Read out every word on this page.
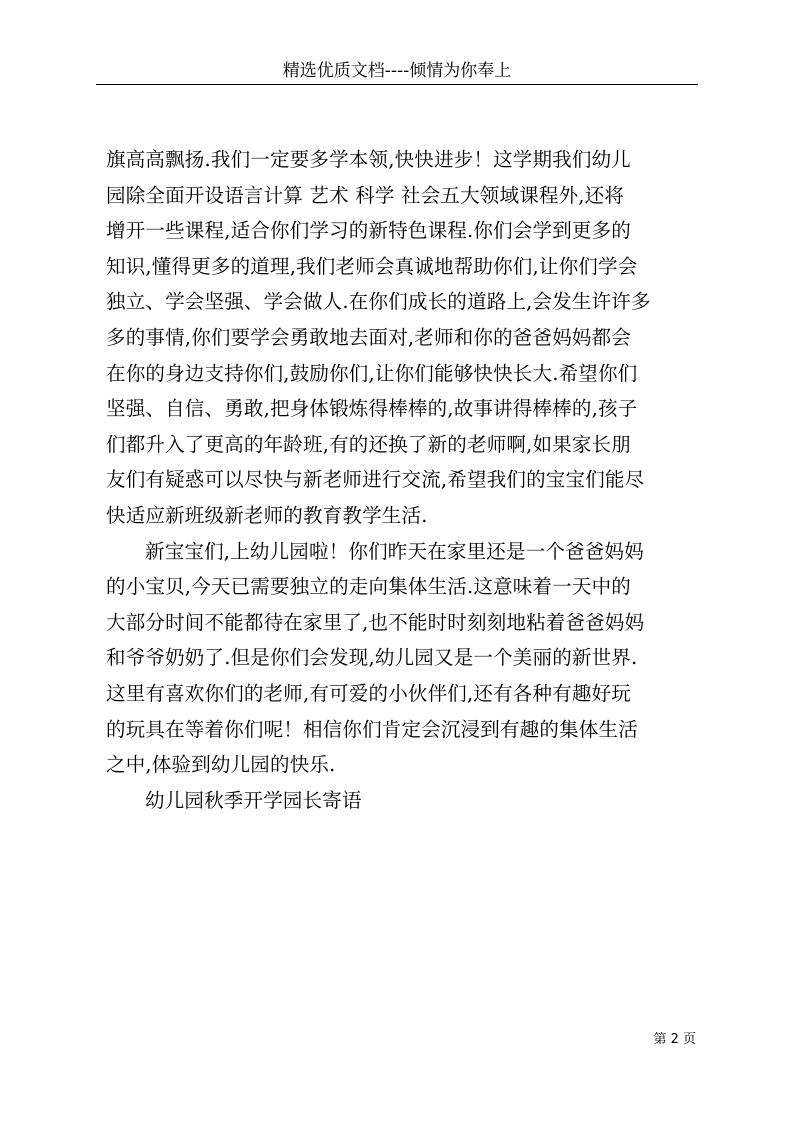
精选优质文档----倾情为你奉上
旗高高飘扬.我们一定要多学本领,快快进步！这学期我们幼儿
园除全面开设语言计算 艺术 科学 社会五大领域课程外,还将
增开一些课程,适合你们学习的新特色课程.你们会学到更多的
知识,懂得更多的道理,我们老师会真诚地帮助你们,让你们学会
独立、学会坚强、学会做人.在你们成长的道路上,会发生许许多
多的事情,你们要学会勇敢地去面对,老师和你的爸爸妈妈都会
在你的身边支持你们,鼓励你们,让你们能够快快长大.希望你们
坚强、自信、勇敢,把身体锻炼得棒棒的,故事讲得棒棒的,孩子
们都升入了更高的年龄班,有的还换了新的老师啊,如果家长朋
友们有疑惑可以尽快与新老师进行交流,希望我们的宝宝们能尽
快适应新班级新老师的教育教学生活.
新宝宝们,上幼儿园啦！你们昨天在家里还是一个爸爸妈妈
的小宝贝,今天已需要独立的走向集体生活.这意味着一天中的
大部分时间不能都待在家里了,也不能时时刻刻地粘着爸爸妈妈
和爷爷奶奶了.但是你们会发现,幼儿园又是一个美丽的新世界.
这里有喜欢你们的老师,有可爱的小伙伴们,还有各种有趣好玩
的玩具在等着你们呢！相信你们肯定会沉浸到有趣的集体生活
之中,体验到幼儿园的快乐.
幼儿园秋季开学园长寄语
第 2 页
